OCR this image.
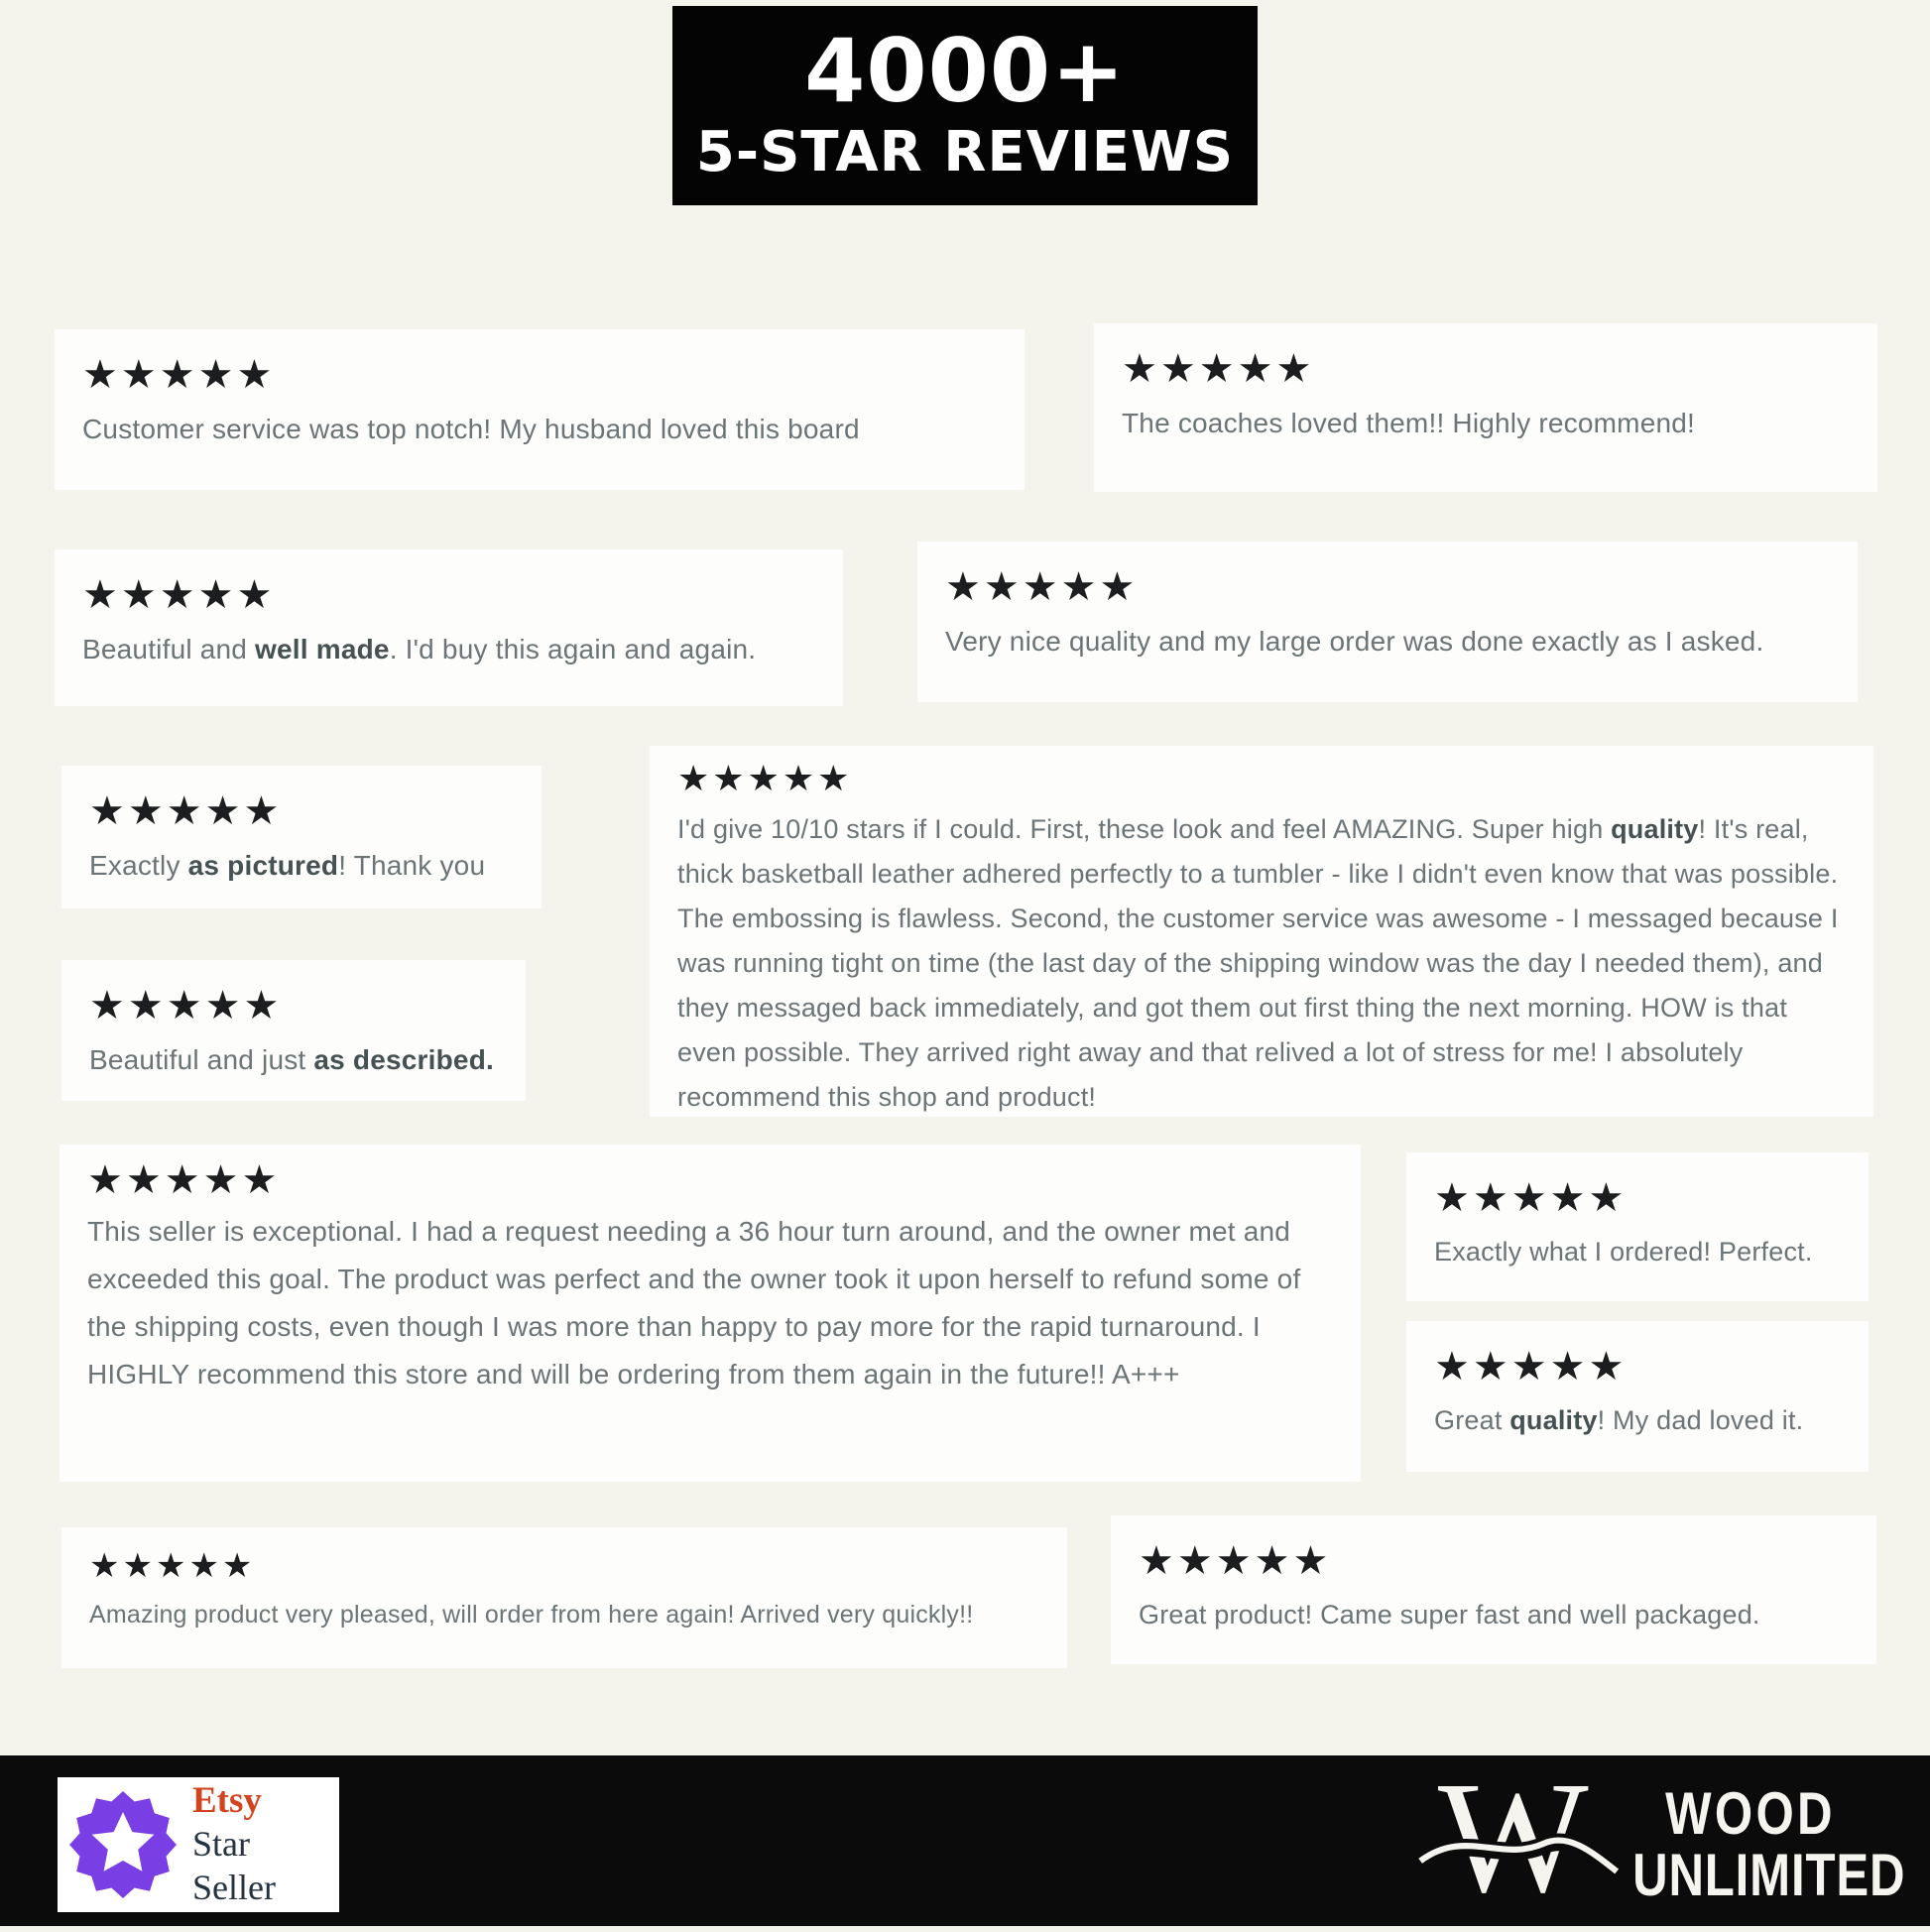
4000+
5-STAR REVIEWS
★★★★★
Customer service was top notch! My husband loved this board
★★★★★
The coaches loved them!! Highly recommend!
★★★★★
Beautiful and well made. I'd buy this again and again.
★★★★★
Very nice quality and my large order was done exactly as I asked.
★★★★★
Exactly as pictured! Thank you
★★★★★
I'd give 10/10 stars if I could. First, these look and feel AMAZING. Super high quality! It's real, thick basketball leather adhered perfectly to a tumbler - like I didn't even know that was possible. The embossing is flawless. Second, the customer service was awesome - I messaged because I was running tight on time (the last day of the shipping window was the day I needed them), and they messaged back immediately, and got them out first thing the next morning. HOW is that even possible. They arrived right away and that relived a lot of stress for me! I absolutely recommend this shop and product!
★★★★★
Beautiful and just as described.
★★★★★
This seller is exceptional. I had a request needing a 36 hour turn around, and the owner met and exceeded this goal. The product was perfect and the owner took it upon herself to refund some of the shipping costs, even though I was more than happy to pay more for the rapid turnaround. I HIGHLY recommend this store and will be ordering from them again in the future!! A+++
★★★★★
Exactly what I ordered! Perfect.
★★★★★
Great quality! My dad loved it.
★★★★★
Amazing product very pleased, will order from here again! Arrived very quickly!!
★★★★★
Great product! Came super fast and well packaged.
Etsy
Star Seller	W	WOOD
UNLIMITED
